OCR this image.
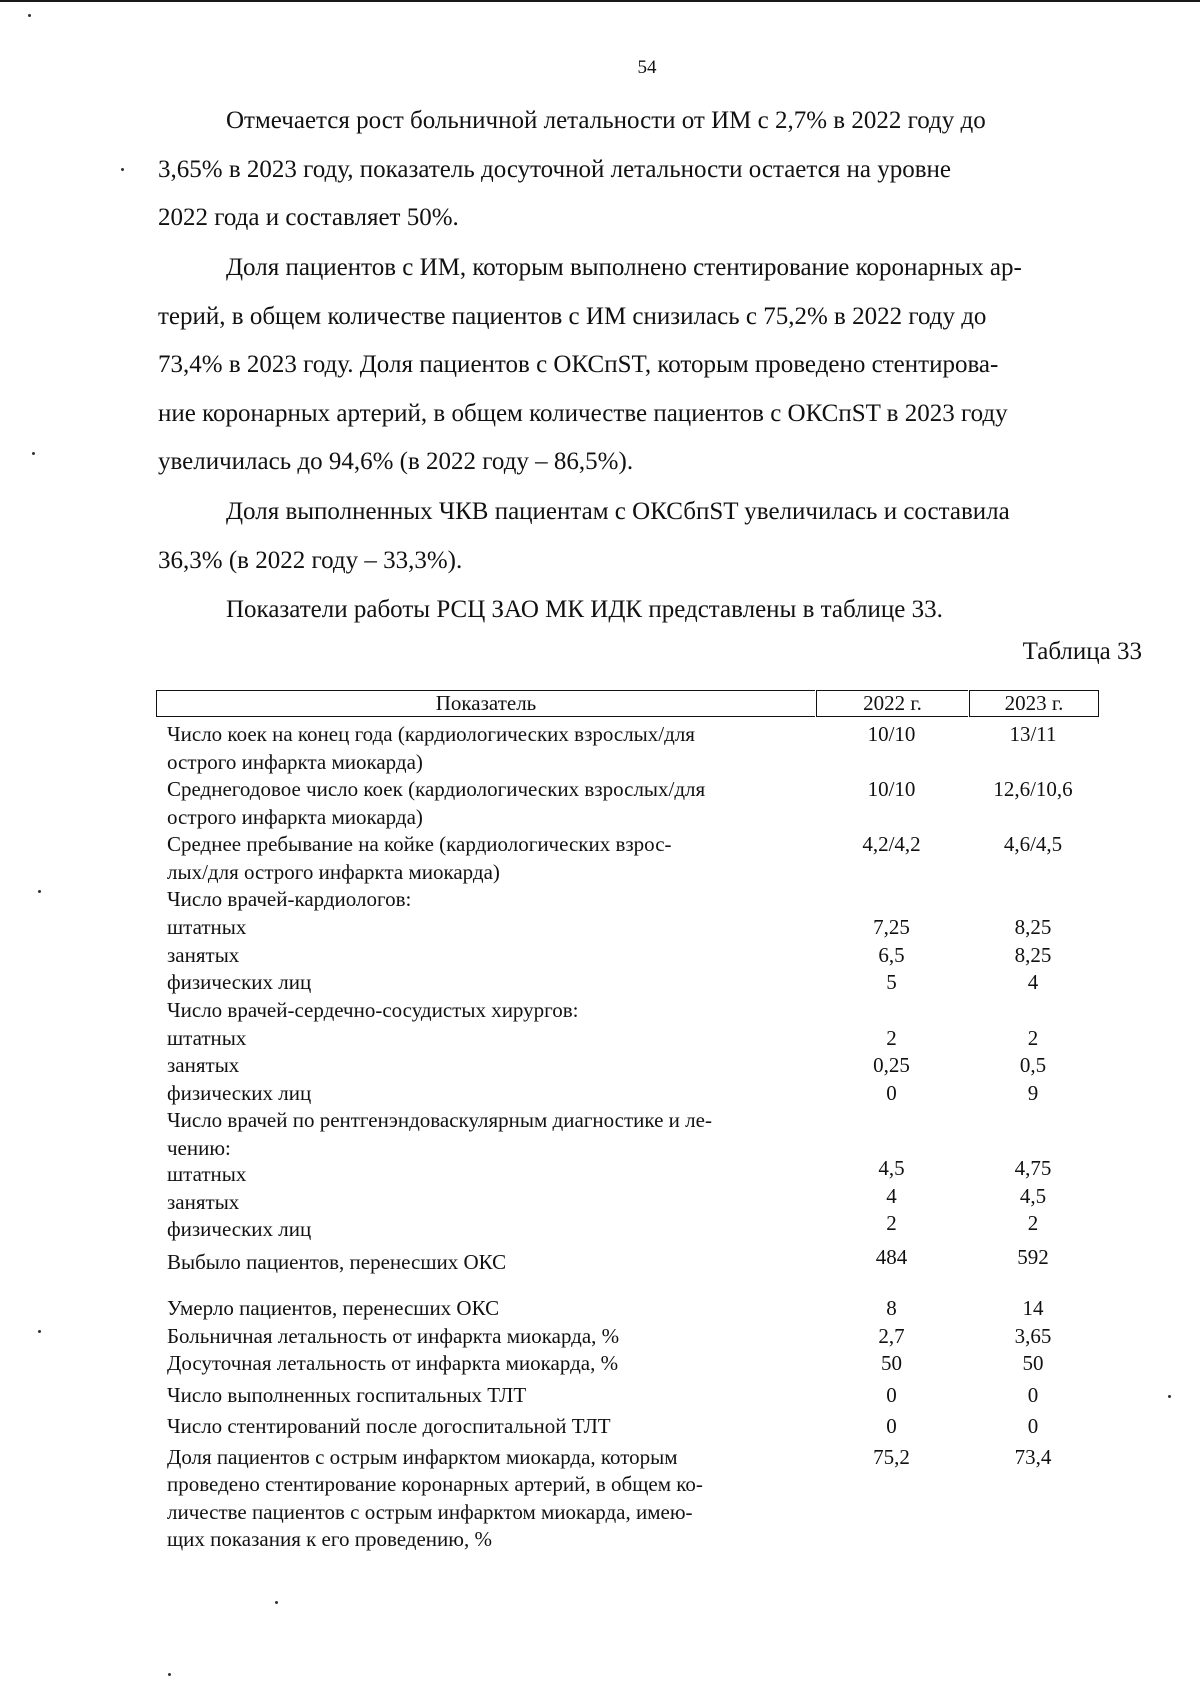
54

Отмечается рост больничной летальности от ИМ с 2,7% в 2022 году до
3,65% в 2023 году, показатель досуточной летальности остается на уровне
2022 года и составляет 50%.

Доля пациентов с ИМ, которым выполнено стентирование коронарных ар-
терий, в общем количестве пациентов с ИМ снизилась с 75,2% в 2022 году до
73,4% в 2023 году. Доля пациентов с ОКСпST, которым проведено стентирова-
ние коронарных артерий, в общем количестве пациентов с ОКСпST в 2023 году
увеличилась до 94,6% (в 2022 году – 86,5%).

Доля выполненных ЧКВ пациентам с ОКСбпST увеличилась и составила
36,3% (в 2022 году – 33,3%).

Показатели работы РСЦ ЗАО МК ИДК представлены в таблице 33.

Таблица 33
Показатель	2022 г.	2023 г.
Число коек на конец года (кардиологических взрослых/для	10/10	13/11
острого инфаркта миокарда)
Среднегодовое число коек (кардиологических взрослых/для	10/10	12,6/10,6
острого инфаркта миокарда)
Среднее пребывание на койке (кардиологических взрос-	4,2/4,2	4,6/4,5
лых/для острого инфаркта миокарда)
Число врачей-кардиологов:
штатных	7,25	8,25
занятых	6,5	8,25
физических лиц	5	4
Число врачей-сердечно-сосудистых хирургов:
штатных	2	2
занятых	0,25	0,5
физических лиц	0	9
Число врачей по рентгенэндоваскулярным диагностике и ле-
чению:
штатных	4,5	4,75
занятых	4	4,5
физических лиц	2	2
Выбыло пациентов, перенесших ОКС	484	592
Умерло пациентов, перенесших ОКС	8	14
Больничная летальность от инфаркта миокарда, %	2,7	3,65
Досуточная летальность от инфаркта миокарда, %	50	50
Число выполненных госпитальных ТЛТ	0	0
Число стентирований после догоспитальной ТЛТ	0	0
Доля пациентов с острым инфарктом миокарда, которым	75,2	73,4
проведено стентирование коронарных артерий, в общем ко-
личестве пациентов с острым инфарктом миокарда, имею-
щих показания к его проведению, %
